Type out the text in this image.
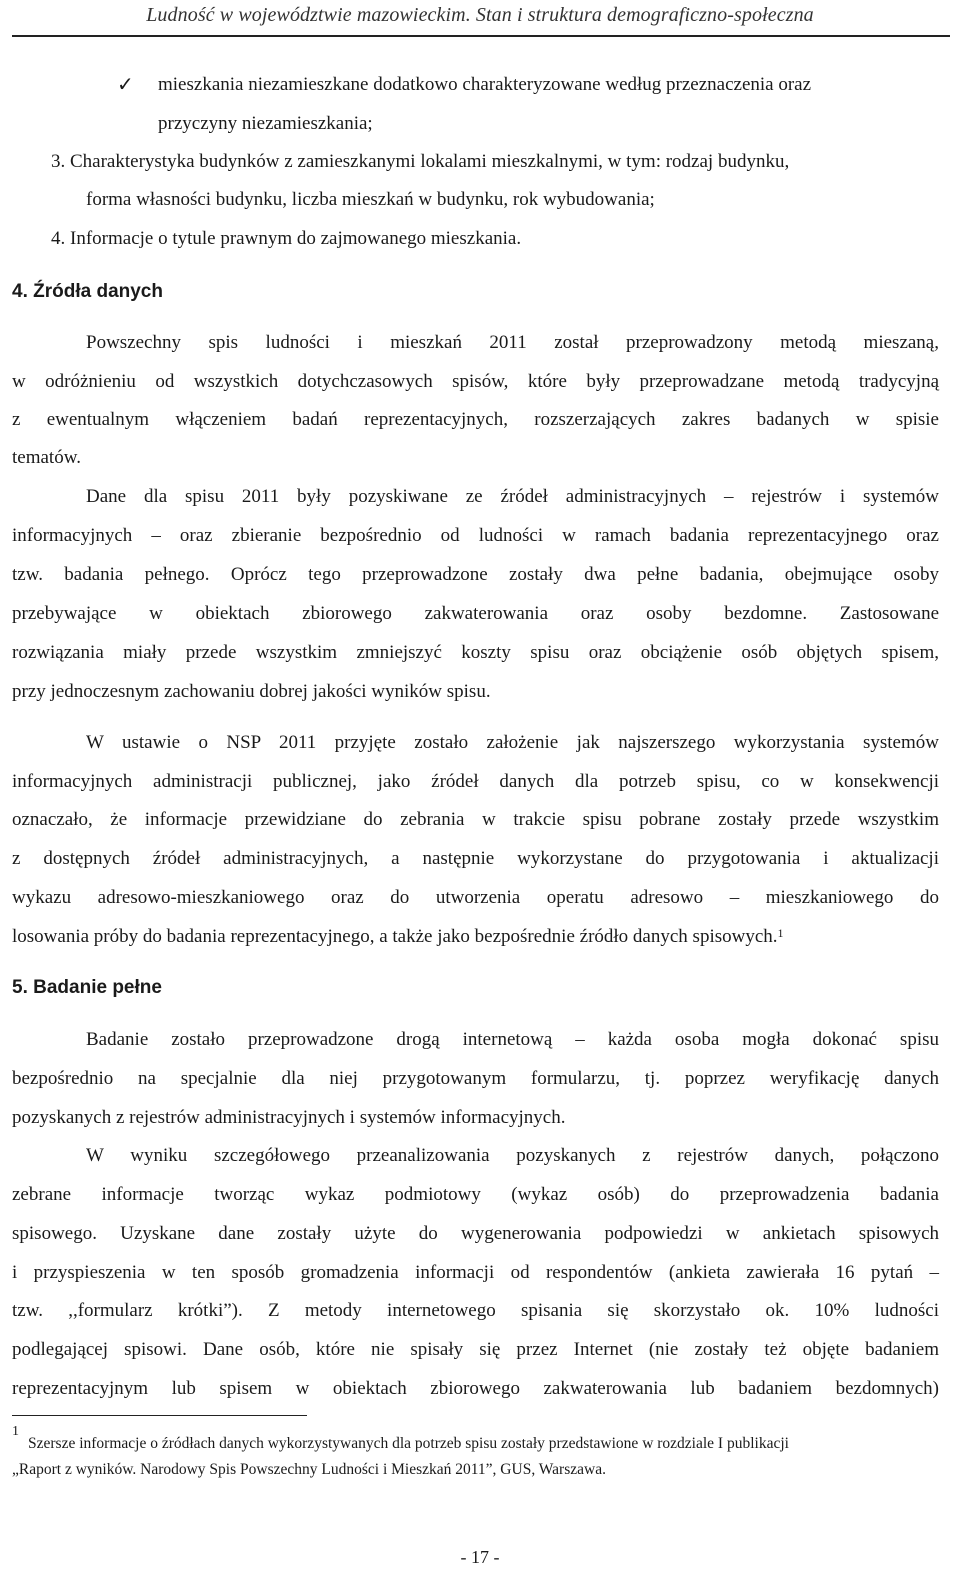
Ludność w województwie mazowieckim. Stan i struktura demograficzno-społeczna
✓ mieszkania niezamieszkane dodatkowo charakteryzowane według przeznaczenia oraz
przyczyny niezamieszkania;
3. Charakterystyka budynków z zamieszkanymi lokalami mieszkalnymi, w tym: rodzaj budynku,
forma własności budynku, liczba mieszkań w budynku, rok wybudowania;
4. Informacje o tytule prawnym do zajmowanego mieszkania.
4. Źródła danych
Powszechny spis ludności i mieszkań 2011 został przeprowadzony metodą mieszaną,
w odróżnieniu od wszystkich dotychczasowych spisów, które były przeprowadzane metodą tradycyjną
z ewentualnym włączeniem badań reprezentacyjnych, rozszerzających zakres badanych w spisie
tematów.
Dane dla spisu 2011 były pozyskiwane ze źródeł administracyjnych – rejestrów i systemów
informacyjnych – oraz zbieranie bezpośrednio od ludności w ramach badania reprezentacyjnego oraz
tzw. badania pełnego. Oprócz tego przeprowadzone zostały dwa pełne badania, obejmujące osoby
przebywające w obiektach zbiorowego zakwaterowania oraz osoby bezdomne. Zastosowane
rozwiązania miały przede wszystkim zmniejszyć koszty spisu oraz obciążenie osób objętych spisem,
przy jednoczesnym zachowaniu dobrej jakości wyników spisu.
W ustawie o NSP 2011 przyjęte zostało założenie jak najszerszego wykorzystania systemów
informacyjnych administracji publicznej, jako źródeł danych dla potrzeb spisu, co w konsekwencji
oznaczało, że informacje przewidziane do zebrania w trakcie spisu pobrane zostały przede wszystkim
z dostępnych źródeł administracyjnych, a następnie wykorzystane do przygotowania i aktualizacji
wykazu adresowo-mieszkaniowego oraz do utworzenia operatu adresowo – mieszkaniowego do
losowania próby do badania reprezentacyjnego, a także jako bezpośrednie źródło danych spisowych.$^1$
5. Badanie pełne
Badanie zostało przeprowadzone drogą internetową – każda osoba mogła dokonać spisu
bezpośrednio na specjalnie dla niej przygotowanym formularzu, tj. poprzez weryfikację danych
pozyskanych z rejestrów administracyjnych i systemów informacyjnych.
W wyniku szczegółowego przeanalizowania pozyskanych z rejestrów danych, połączono
zebrane informacje tworząc wykaz podmiotowy (wykaz osób) do przeprowadzenia badania
spisowego. Uzyskane dane zostały użyte do wygenerowania podpowiedzi w ankietach spisowych
i przyspieszenia w ten sposób gromadzenia informacji od respondentów (ankieta zawierała 16 pytań –
tzw. ,,formularz krótki”). Z metody internetowego spisania się skorzystało ok. 10% ludności
podlegającej spisowi. Dane osób, które nie spisały się przez Internet (nie zostały też objęte badaniem
reprezentacyjnym lub spisem w obiektach zbiorowego zakwaterowania lub badaniem bezdomnych)
1
Szersze informacje o źródłach danych wykorzystywanych dla potrzeb spisu zostały przedstawione w rozdziale I publikacji
„Raport z wyników. Narodowy Spis Powszechny Ludności i Mieszkań 2011”, GUS, Warszawa.
- 17 -
